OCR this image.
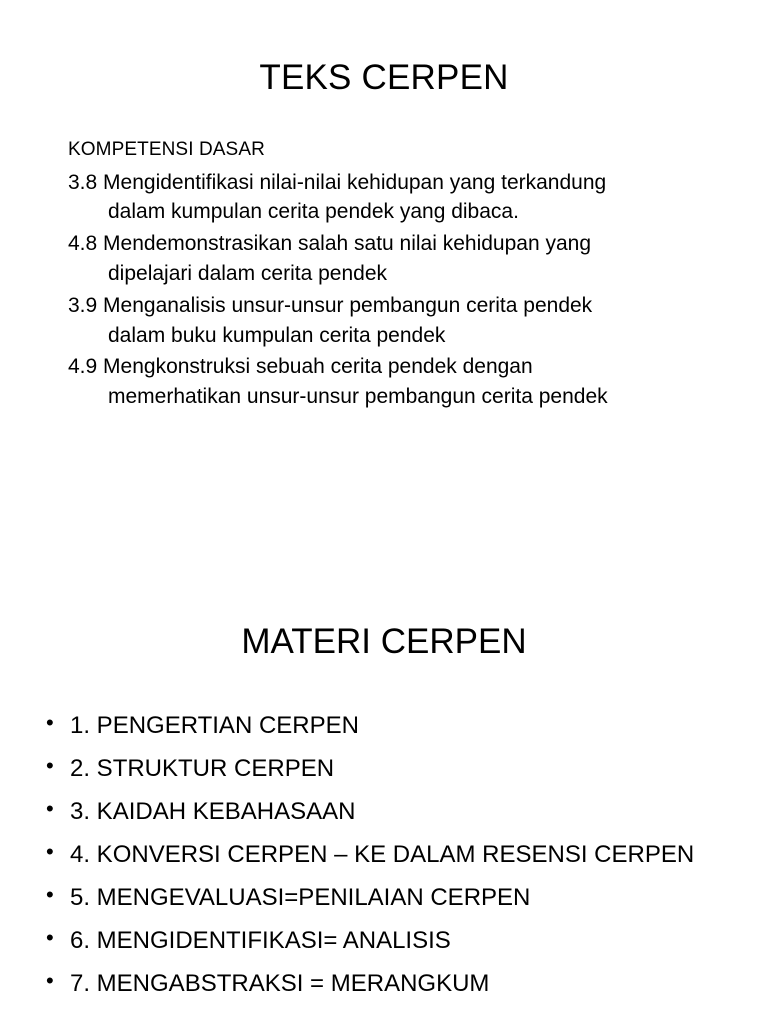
TEKS CERPEN

KOMPETENSI DASAR

3.8 Mengidentifikasi nilai-nilai kehidupan yang terkandung
dalam kumpulan cerita pendek yang dibaca.

4.8 Mendemonstrasikan salah satu nilai kehidupan yang
dipelajari dalam cerita pendek

3.9 Menganalisis unsur-unsur pembangun cerita pendek
dalam buku kumpulan cerita pendek

4.9 Mengkonstruksi sebuah cerita pendek dengan
memerhatikan unsur-unsur pembangun cerita pendek

MATERI CERPEN
• 1. PENGERTIAN CERPEN
• 2. STRUKTUR CERPEN
• 3. KAIDAH KEBAHASAAN
• 4. KONVERSI CERPEN – KE DALAM RESENSI CERPEN
• 5. MENGEVALUASI=PENILAIAN CERPEN
• 6. MENGIDENTIFIKASI= ANALISIS
• 7. MENGABSTRAKSI = MERANGKUM
